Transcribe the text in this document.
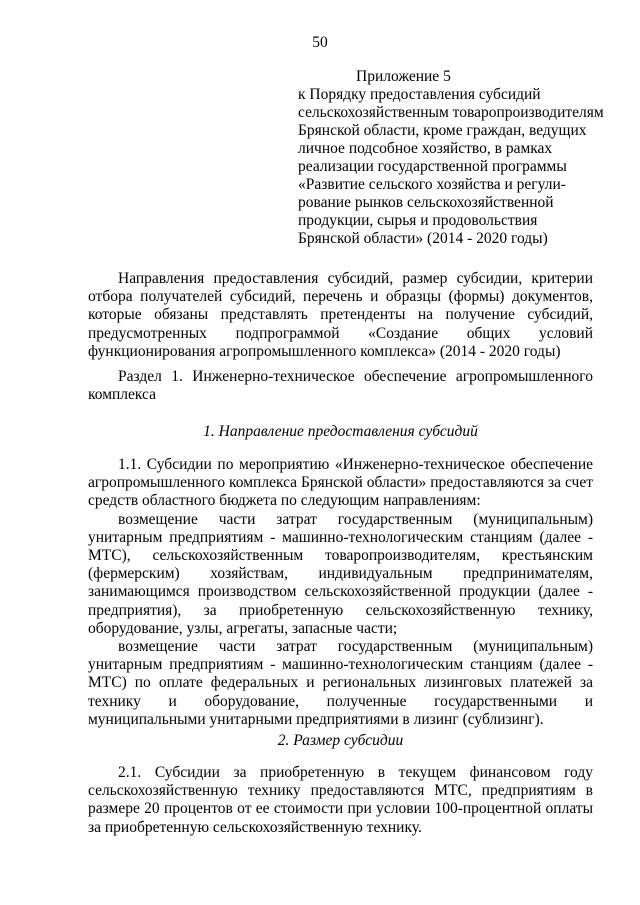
50
Приложение 5
к Порядку предоставления субсидий
сельскохозяйственным товаропроизводителям
Брянской области, кроме граждан, ведущих
личное подсобное хозяйство, в рамках
реализации государственной программы
«Развитие сельского хозяйства и регули-
рование рынков сельскохозяйственной
продукции, сырья и продовольствия
Брянской области» (2014 - 2020 годы)
Направления предоставления субсидий, размер субсидии, критерии отбора получателей субсидий, перечень и образцы (формы) документов, которые обязаны представлять претенденты на получение субсидий, предусмотренных подпрограммой «Создание общих условий функционирования агропромышленного комплекса» (2014 - 2020 годы)
Раздел 1. Инженерно-техническое обеспечение агропромышленного комплекса
1. Направление предоставления субсидий
1.1. Субсидии по мероприятию «Инженерно-техническое обеспечение агропромышленного комплекса Брянской области» предоставляются за счет средств областного бюджета по следующим направлениям:
возмещение части затрат государственным (муниципальным) унитарным предприятиям - машинно-технологическим станциям (далее - МТС), сельскохозяйственным товаропроизводителям, крестьянским (фермерским) хозяйствам, индивидуальным предпринимателям, занимающимся производством сельскохозяйственной продукции (далее - предприятия), за приобретенную сельскохозяйственную технику, оборудование, узлы, агрегаты, запасные части;
возмещение части затрат государственным (муниципальным) унитарным предприятиям - машинно-технологическим станциям (далее - МТС) по оплате федеральных и региональных лизинговых платежей за технику и оборудование, полученные государственными и муниципальными унитарными предприятиями в лизинг (сублизинг).
2. Размер субсидии
2.1. Субсидии за приобретенную в текущем финансовом году сельскохозяйственную технику предоставляются МТС, предприятиям в размере 20 процентов от ее стоимости при условии 100-процентной оплаты за приобретенную сельскохозяйственную технику.
